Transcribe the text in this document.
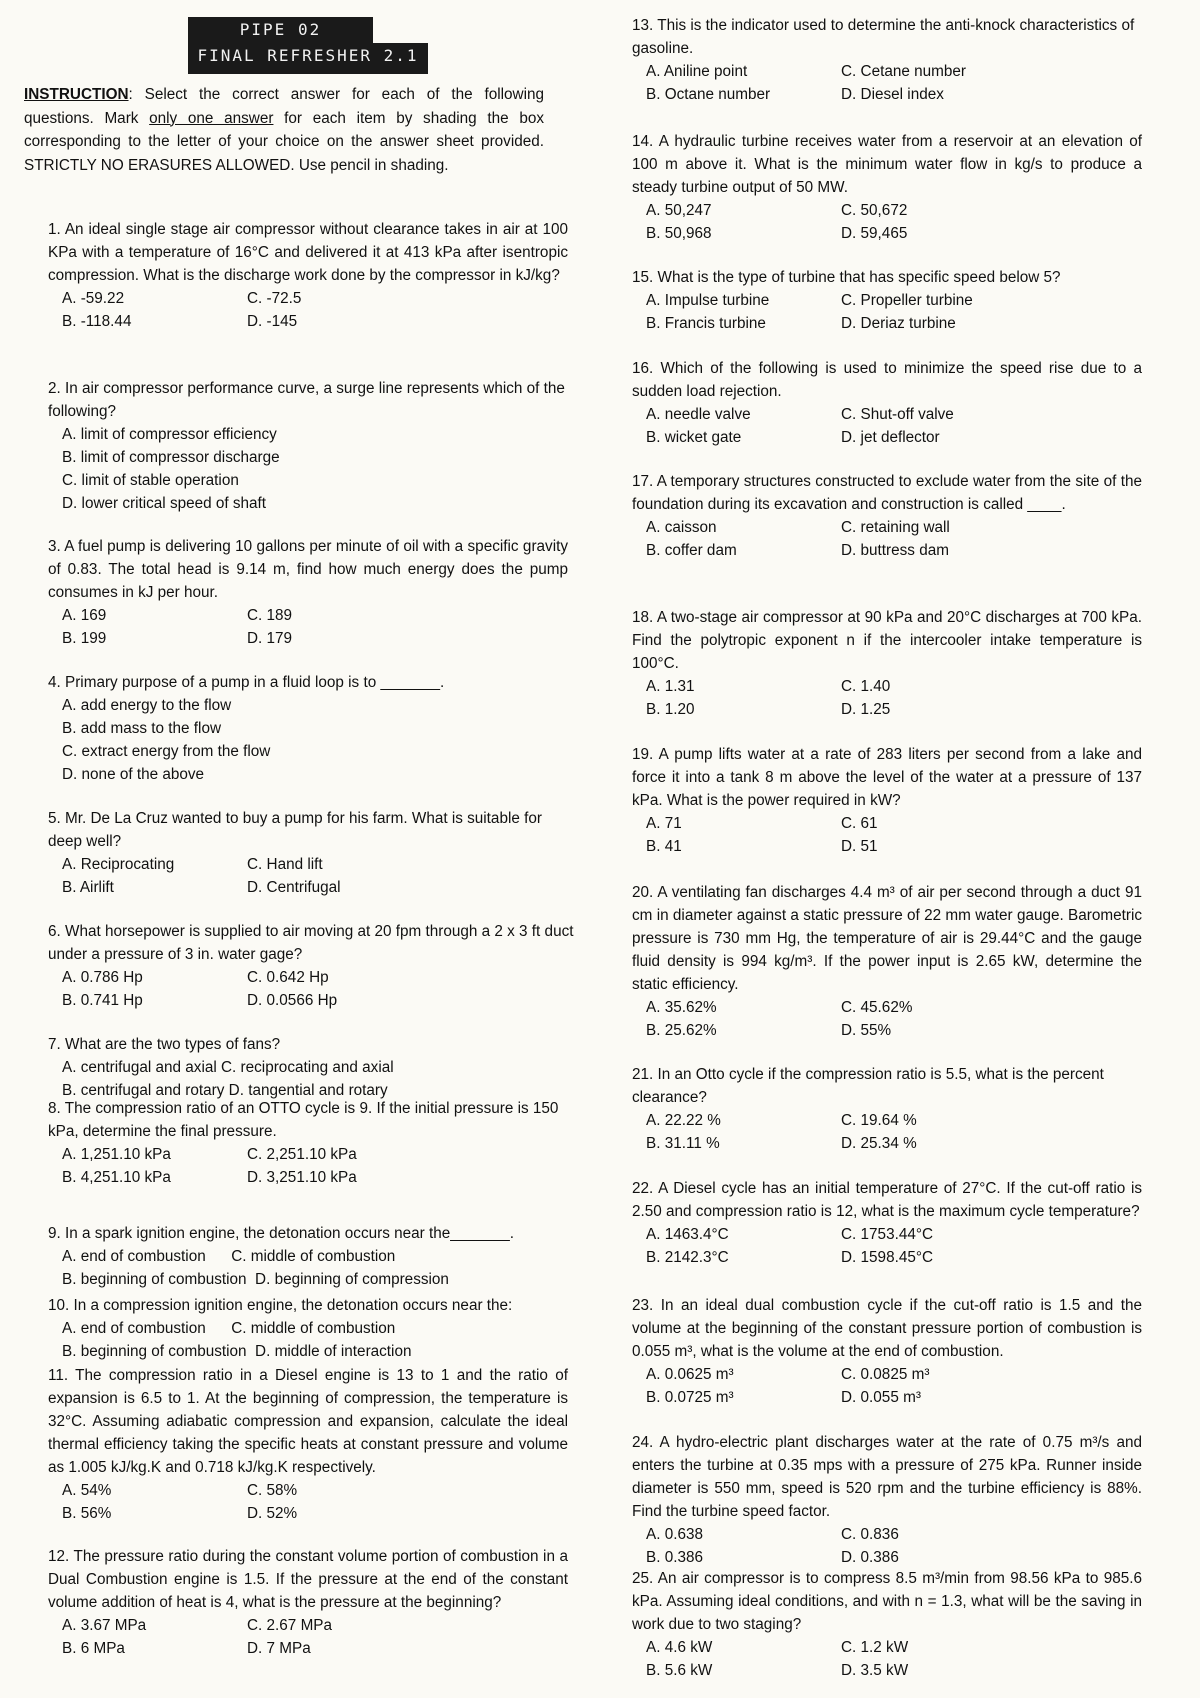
PIPE 02
FINAL REFRESHER 2.1
INSTRUCTION: Select the correct answer for each of the following questions. Mark only one answer for each item by shading the box corresponding to the letter of your choice on the answer sheet provided. STRICTLY NO ERASURES ALLOWED. Use pencil in shading.
1. An ideal single stage air compressor without clearance takes in air at 100 KPa with a temperature of 16°C and delivered it at 413 kPa after isentropic compression. What is the discharge work done by the compressor in kJ/kg?
A. -59.22	C. -72.5
B. -118.44	D. -145
2. In air compressor performance curve, a surge line represents which of the following?
A. limit of compressor efficiency
B. limit of compressor discharge
C. limit of stable operation
D. lower critical speed of shaft
3. A fuel pump is delivering 10 gallons per minute of oil with a specific gravity of 0.83. The total head is 9.14 m, find how much energy does the pump consumes in kJ per hour.
A. 169	C. 189
B. 199	D. 179
4. Primary purpose of a pump in a fluid loop is to _______.
A. add energy to the flow
B. add mass to the flow
C. extract energy from the flow
D. none of the above
5. Mr. De La Cruz wanted to buy a pump for his farm. What is suitable for deep well?
A. Reciprocating	C. Hand lift
B. Airlift	D. Centrifugal
6. What horsepower is supplied to air moving at 20 fpm through a 2 x 3 ft duct under a pressure of 3 in. water gage?
A. 0.786 Hp	C. 0.642 Hp
B. 0.741 Hp	D. 0.0566 Hp
7. What are the two types of fans?
A. centrifugal and axial C. reciprocating and axial
B. centrifugal and rotary D. tangential and rotary
8. The compression ratio of an OTTO cycle is 9. If the initial pressure is 150 kPa, determine the final pressure.
A. 1,251.10 kPa	C. 2,251.10 kPa
B. 4,251.10 kPa	D. 3,251.10 kPa
9. In a spark ignition engine, the detonation occurs near the_______.
A. end of combustion      C. middle of combustion
B. beginning of combustion  D. beginning of compression
10. In a compression ignition engine, the detonation occurs near the:
A. end of combustion      C. middle of combustion
B. beginning of combustion  D. middle of interaction
11. The compression ratio in a Diesel engine is 13 to 1 and the ratio of expansion is 6.5 to 1. At the beginning of compression, the temperature is 32°C. Assuming adiabatic compression and expansion, calculate the ideal thermal efficiency taking the specific heats at constant pressure and volume as 1.005 kJ/kg.K and 0.718 kJ/kg.K respectively.
A. 54%	C. 58%
B. 56%	D. 52%
12. The pressure ratio during the constant volume portion of combustion in a Dual Combustion engine is 1.5. If the pressure at the end of the constant volume addition of heat is 4, what is the pressure at the beginning?
A. 3.67 MPa	C. 2.67 MPa
B. 6 MPa	D. 7 MPa
13. This is the indicator used to determine the anti-knock characteristics of gasoline.
A. Aniline point	C. Cetane number
B. Octane number	D. Diesel index
14. A hydraulic turbine receives water from a reservoir at an elevation of 100 m above it. What is the minimum water flow in kg/s to produce a steady turbine output of 50 MW.
A. 50,247	C. 50,672
B. 50,968	D. 59,465
15. What is the type of turbine that has specific speed below 5?
A. Impulse turbine	C. Propeller turbine
B. Francis turbine	D. Deriaz turbine
16. Which of the following is used to minimize the speed rise due to a sudden load rejection.
A. needle valve	C. Shut-off valve
B. wicket gate	D. jet deflector
17. A temporary structures constructed to exclude water from the site of the foundation during its excavation and construction is called ____.
A. caisson	C. retaining wall
B. coffer dam	D. buttress dam
18. A two-stage air compressor at 90 kPa and 20°C discharges at 700 kPa. Find the polytropic exponent n if the intercooler intake temperature is 100°C.
A. 1.31	C. 1.40
B. 1.20	D. 1.25
19. A pump lifts water at a rate of 283 liters per second from a lake and force it into a tank 8 m above the level of the water at a pressure of 137 kPa. What is the power required in kW?
A. 71	C. 61
B. 41	D. 51
20. A ventilating fan discharges 4.4 m³ of air per second through a duct 91 cm in diameter against a static pressure of 22 mm water gauge. Barometric pressure is 730 mm Hg, the temperature of air is 29.44°C and the gauge fluid density is 994 kg/m³. If the power input is 2.65 kW, determine the static efficiency.
A. 35.62%	C. 45.62%
B. 25.62%	D. 55%
21. In an Otto cycle if the compression ratio is 5.5, what is the percent clearance?
A. 22.22 %	C. 19.64 %
B. 31.11 %	D. 25.34 %
22. A Diesel cycle has an initial temperature of 27°C. If the cut-off ratio is 2.50 and compression ratio is 12, what is the maximum cycle temperature?
A. 1463.4°C	C. 1753.44°C
B. 2142.3°C	D. 1598.45°C
23. In an ideal dual combustion cycle if the cut-off ratio is 1.5 and the volume at the beginning of the constant pressure portion of combustion is 0.055 m³, what is the volume at the end of combustion.
A. 0.0625 m³	C. 0.0825 m³
B. 0.0725 m³	D. 0.055 m³
24. A hydro-electric plant discharges water at the rate of 0.75 m³/s and enters the turbine at 0.35 mps with a pressure of 275 kPa. Runner inside diameter is 550 mm, speed is 520 rpm and the turbine efficiency is 88%. Find the turbine speed factor.
A. 0.638	C. 0.836
B. 0.386	D. 0.386
25. An air compressor is to compress 8.5 m³/min from 98.56 kPa to 985.6 kPa. Assuming ideal conditions, and with n = 1.3, what will be the saving in work due to two staging?
A. 4.6 kW	C. 1.2 kW
B. 5.6 kW	D. 3.5 kW
